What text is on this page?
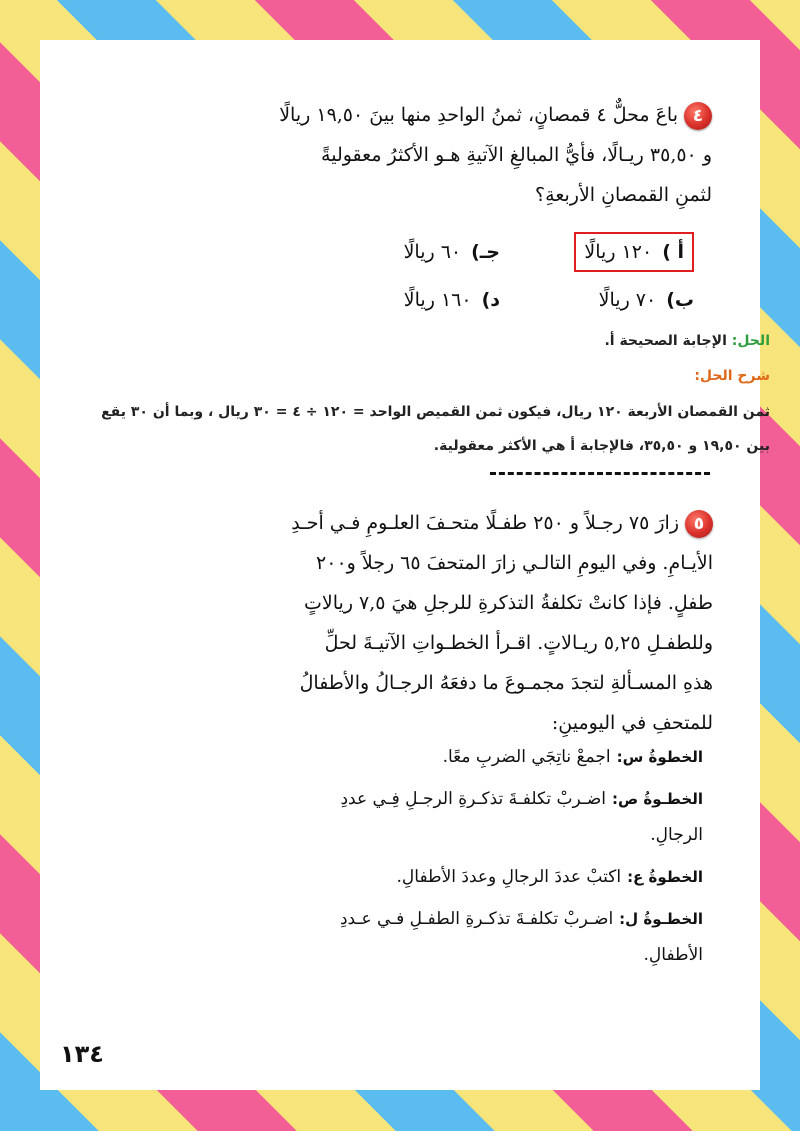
٤باعَ محلٌّ ٤ قمصانٍ، ثمنُ الواحدِ منها بينَ ١٩,٥٠ ريالًا
و ٣٥,٥٠ ريـالًا، فأيُّ المبالغِ الآتيةِ هـو الأكثرُ معقوليةً
لثمنِ القمصانِ الأربعةِ؟
أ )١٢٠ ريالًا
جـ)٦٠ ريالًا
ب)٧٠ ريالًا
د)١٦٠ ريالًا
الحل: الإجابة الصحيحة أ.
شرح الحل:
ثمن القمصان الأربعة ١٢٠ ريال، فيكون ثمن القميص الواحد = ١٢٠ ÷ ٤ = ٣٠ ريال ، وبما أن ٣٠ يقع
بين ١٩,٥٠ و ٣٥,٥٠، فالإجابة أ هي الأكثر معقولية.
٥زارَ ٧٥ رجـلاً و ٢٥٠ طفـلًا متحـفَ العلـومِ فـي أحـدِ
الأيـامِ. وفي اليومِ التالـي زارَ المتحفَ ٦٥ رجلاً و٢٠٠
طفلٍ. فإذا كانتْ تكلفةُ التذكرةِ للرجلِ هيَ ٧,٥ ريالاتٍ
وللطفـلِ ٥,٢٥ ريـالاتٍ. اقـرأ الخطـواتِ الآتيـةَ لحلِّ
هذهِ المسـألةِ لتجدَ مجمـوعَ ما دفعَهُ الرجـالُ والأطفالُ
للمتحفِ في اليومينِ:
الخطوةُ س:اجمعْ ناتِجَي الضربِ معًا.
الخطـوةُ ص:اضـربْ تكلفـةَ تذكـرةِ الرجـلِ فِـي عددِ
الرجالِ.
الخطوةُ ع:اكتبْ عددَ الرجالِ وعددَ الأطفالِ.
الخطـوةُ ل:اضـربْ تكلفـةَ تذكـرةِ الطفـلِ فـي عـددِ
الأطفالِ.
١٣٤
